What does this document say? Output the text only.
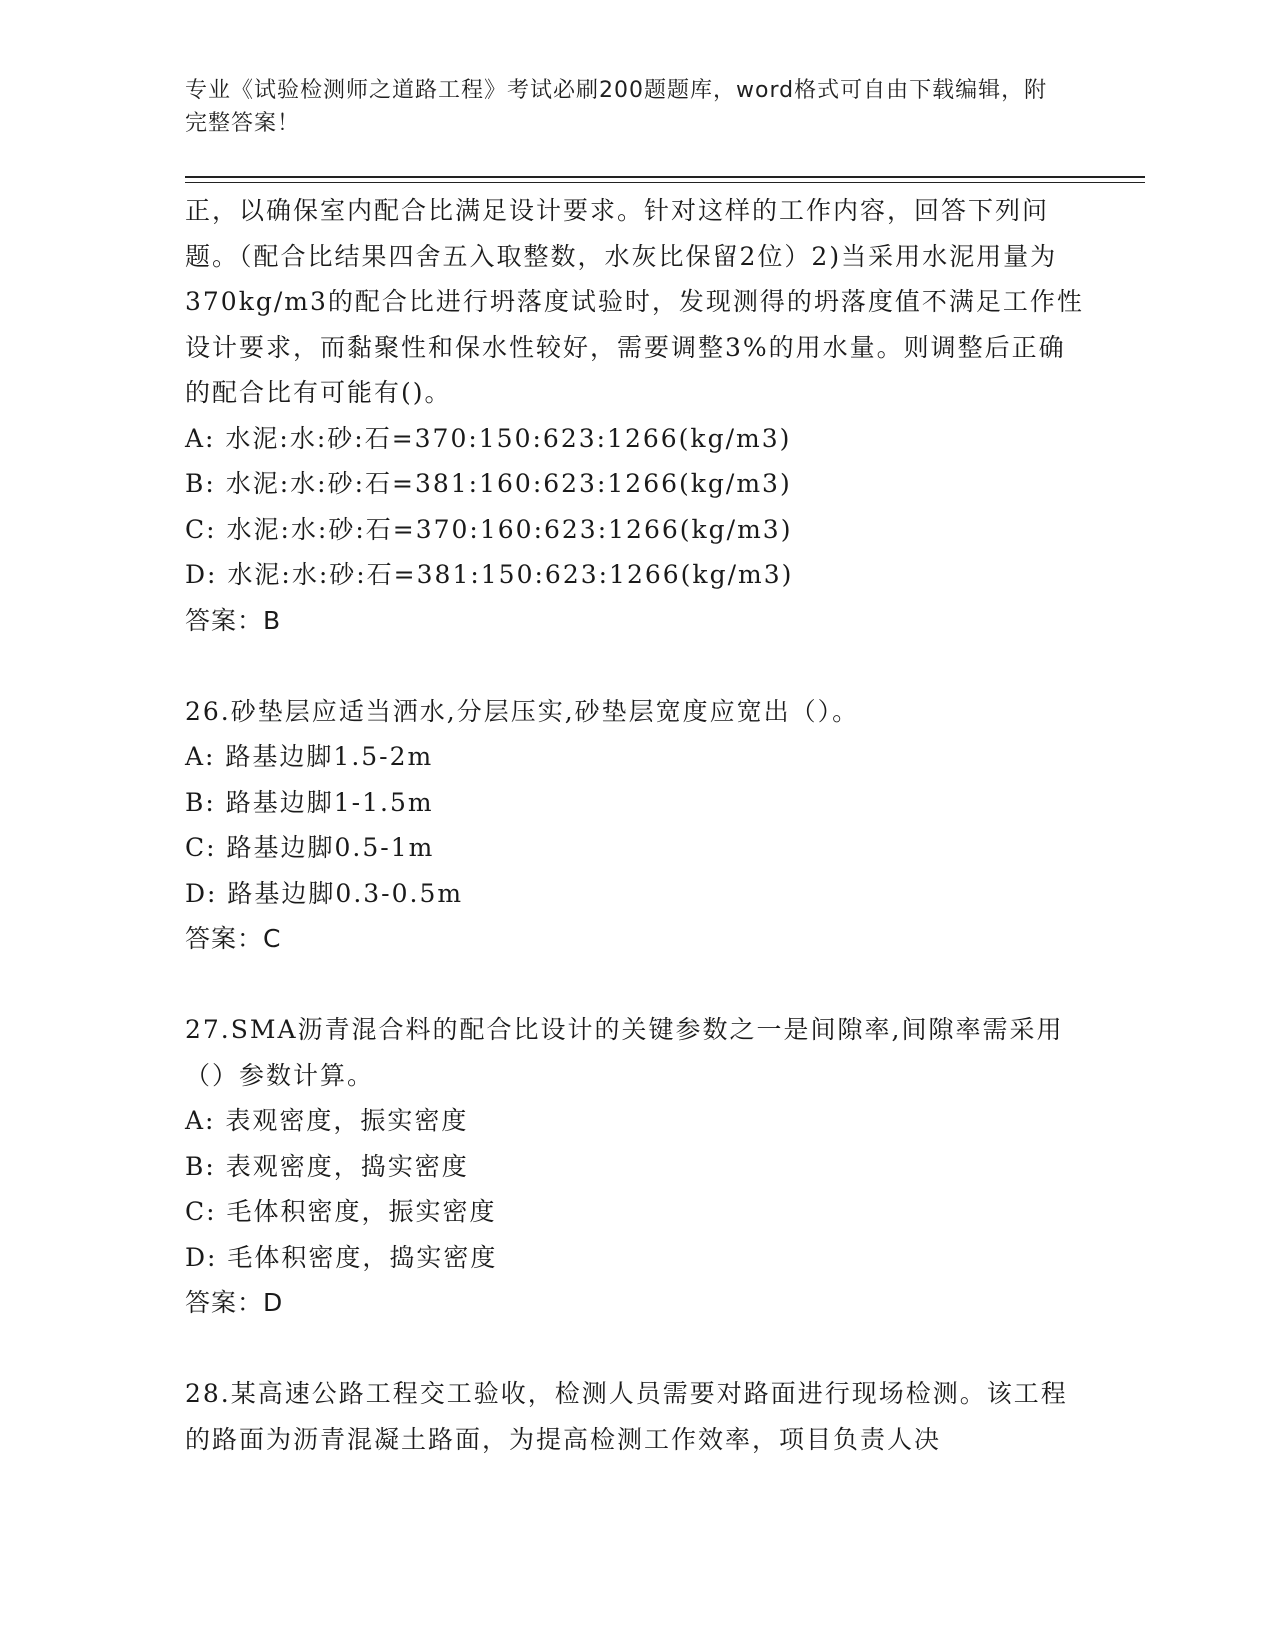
专业《试验检测师之道路工程》考试必刷200题题库，word格式可自由下载编辑，附完整答案！

正，以确保室内配合比满足设计要求。针对这样的工作内容，回答下列问题。（配合比结果四舍五入取整数，水灰比保留2位）2)当采用水泥用量为370kg/m3的配合比进行坍落度试验时，发现测得的坍落度值不满足工作性设计要求，而黏聚性和保水性较好，需要调整3%的用水量。则调整后正确的配合比有可能有()。

A: 水泥:水:砂:石=370:150:623:1266(kg/m3)

B: 水泥:水:砂:石=381:160:623:1266(kg/m3)

C: 水泥:水:砂:石=370:160:623:1266(kg/m3)

D: 水泥:水:砂:石=381:150:623:1266(kg/m3)

答案：B

26.砂垫层应适当洒水,分层压实,砂垫层宽度应宽出（）。

A: 路基边脚1.5-2m

B: 路基边脚1-1.5m

C: 路基边脚0.5-1m

D: 路基边脚0.3-0.5m

答案：C

27.SMA沥青混合料的配合比设计的关键参数之一是间隙率,间隙率需采用（）参数计算。

A: 表观密度，振实密度

B: 表观密度，捣实密度

C: 毛体积密度，振实密度

D: 毛体积密度，捣实密度

答案：D

28.某高速公路工程交工验收，检测人员需要对路面进行现场检测。该工程的路面为沥青混凝土路面，为提高检测工作效率，项目负责人决
